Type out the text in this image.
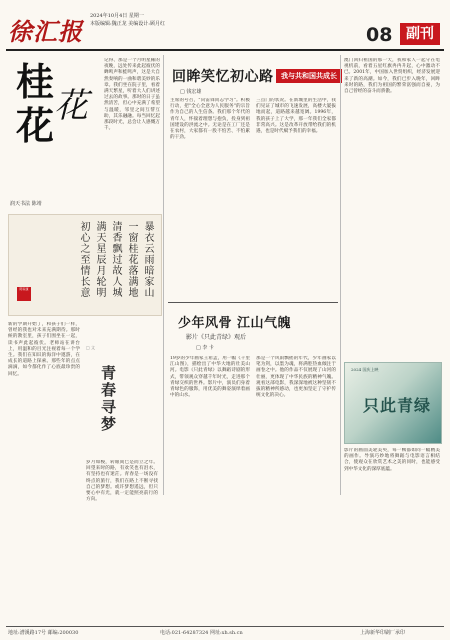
徐汇报
2024年10月4日 星期一
本版编辑:魏正龙 美编设计:顾月红	08 副刊
桂花 花
润天书法 陈靖
记得、那是一个月明星稀的夜晚，远处传来此起彼伏的蝉鸣声和蛙鸣声，这是大自然奏响的一曲和谐美妙的乐章。我们坐在院子里，看着满天繁星，听着大人们讲述过去的故事。那时的日子虽然清苦，但心中充满了希望与温暖，邻里之间互帮互助，其乐融融。每当回忆起那段时光，总会让人感慨万千。
暴衣云雨暗家山 一窗桂花落满地 清香飘过故人城 满天星辰月轮明 初心之至情长意
陈家康
新的学期开始了，和孩子们一样，曾经的我也对未来充满期待。那时候的教室里，孩子们围坐在一起，读书声此起彼伏。老师站在讲台上，用温和的目光注视着每一个学生。我们在知识的海洋中遨游，在成长的道路上探索。那些年的点点滴滴，如今都化作了心底最珍贵的回忆。
□ 文
青春寻梦
岁月如梭，转眼间已是而立之年。回望来时的路，有欢笑也有泪水，有坚持也有迷茫。青春是一场没有终点的旅行，我们在路上不断寻找自己的梦想。或许梦想遥远，但只要心中有光，就一定能照亮前行的方向。
回眸笑忆初心路	我与共和国共成长
□ 钱宏雄
主席的号召，"向雷锋同志学习"。积极行动，把"全心全意为人民服务"的宗旨作为自己的人生信条。我们那个年代的青年人，怀揣着理想与抱负，投身到祖国建设的洪流之中。无论是在工厂还是在农村，大家都有一股不怕苦、不怕累的干劲。
三点门的状况。在新城里的生活中，我们见证了城市的飞速发展，高楼大厦拔地而起，道路越来越宽阔。1996年，我的孩子上了大学，那一年我们全家都非常高兴。这是改革开放带给我们的机遇，也是时代赋予我们的幸福。
澳门回归祖国的那一天，我和家人一起守在电视机前，看着五星红旗冉冉升起，心中激动不已。2001年，中国加入世贸组织，经济发展迎来了新的高潮。如今，我们已步入晚年，回眸来时的路，我们为祖国的繁荣富强而自豪，为自己曾经的奋斗而骄傲。
少年风骨 江山气魄
影片《只此青绿》观后
□ 李 卡
19岁的少年画家王希孟，用一幅《千里江山图》，描绘出了中华大地的壮美山河。电影《只此青绿》以舞蹈诗剧的形式，带领观众穿越千年时光，走进那个青绿交织的世界。影片中，演员们身着青绿色的服饰，用优美的舞姿演绎着画中的山水。
那是一个风雨飘摇的年代，少年画家以笔为剑，以墨为魂，将满腔热血倾注于画卷之中。他的作品不仅展现了山河的壮丽，更体现了中华民族的精神气魄。观看这部电影，我深深地被这种坚韧不拔的精神所感动，也更加坚定了守护传统文化的决心。
2024 国庆上映
只此青绿
影片的画面美轮美奂，每一帧都如同一幅精美的画作。导演巧妙地将舞蹈与电影语言相结合，使观众在欣赏艺术之美的同时，也能感受到中华文化的深厚底蕴。
地址:漕溪路17号 邮编:200030	电话:021-64287324 网址:xh.sh.cn	上海新华印刷厂承印
